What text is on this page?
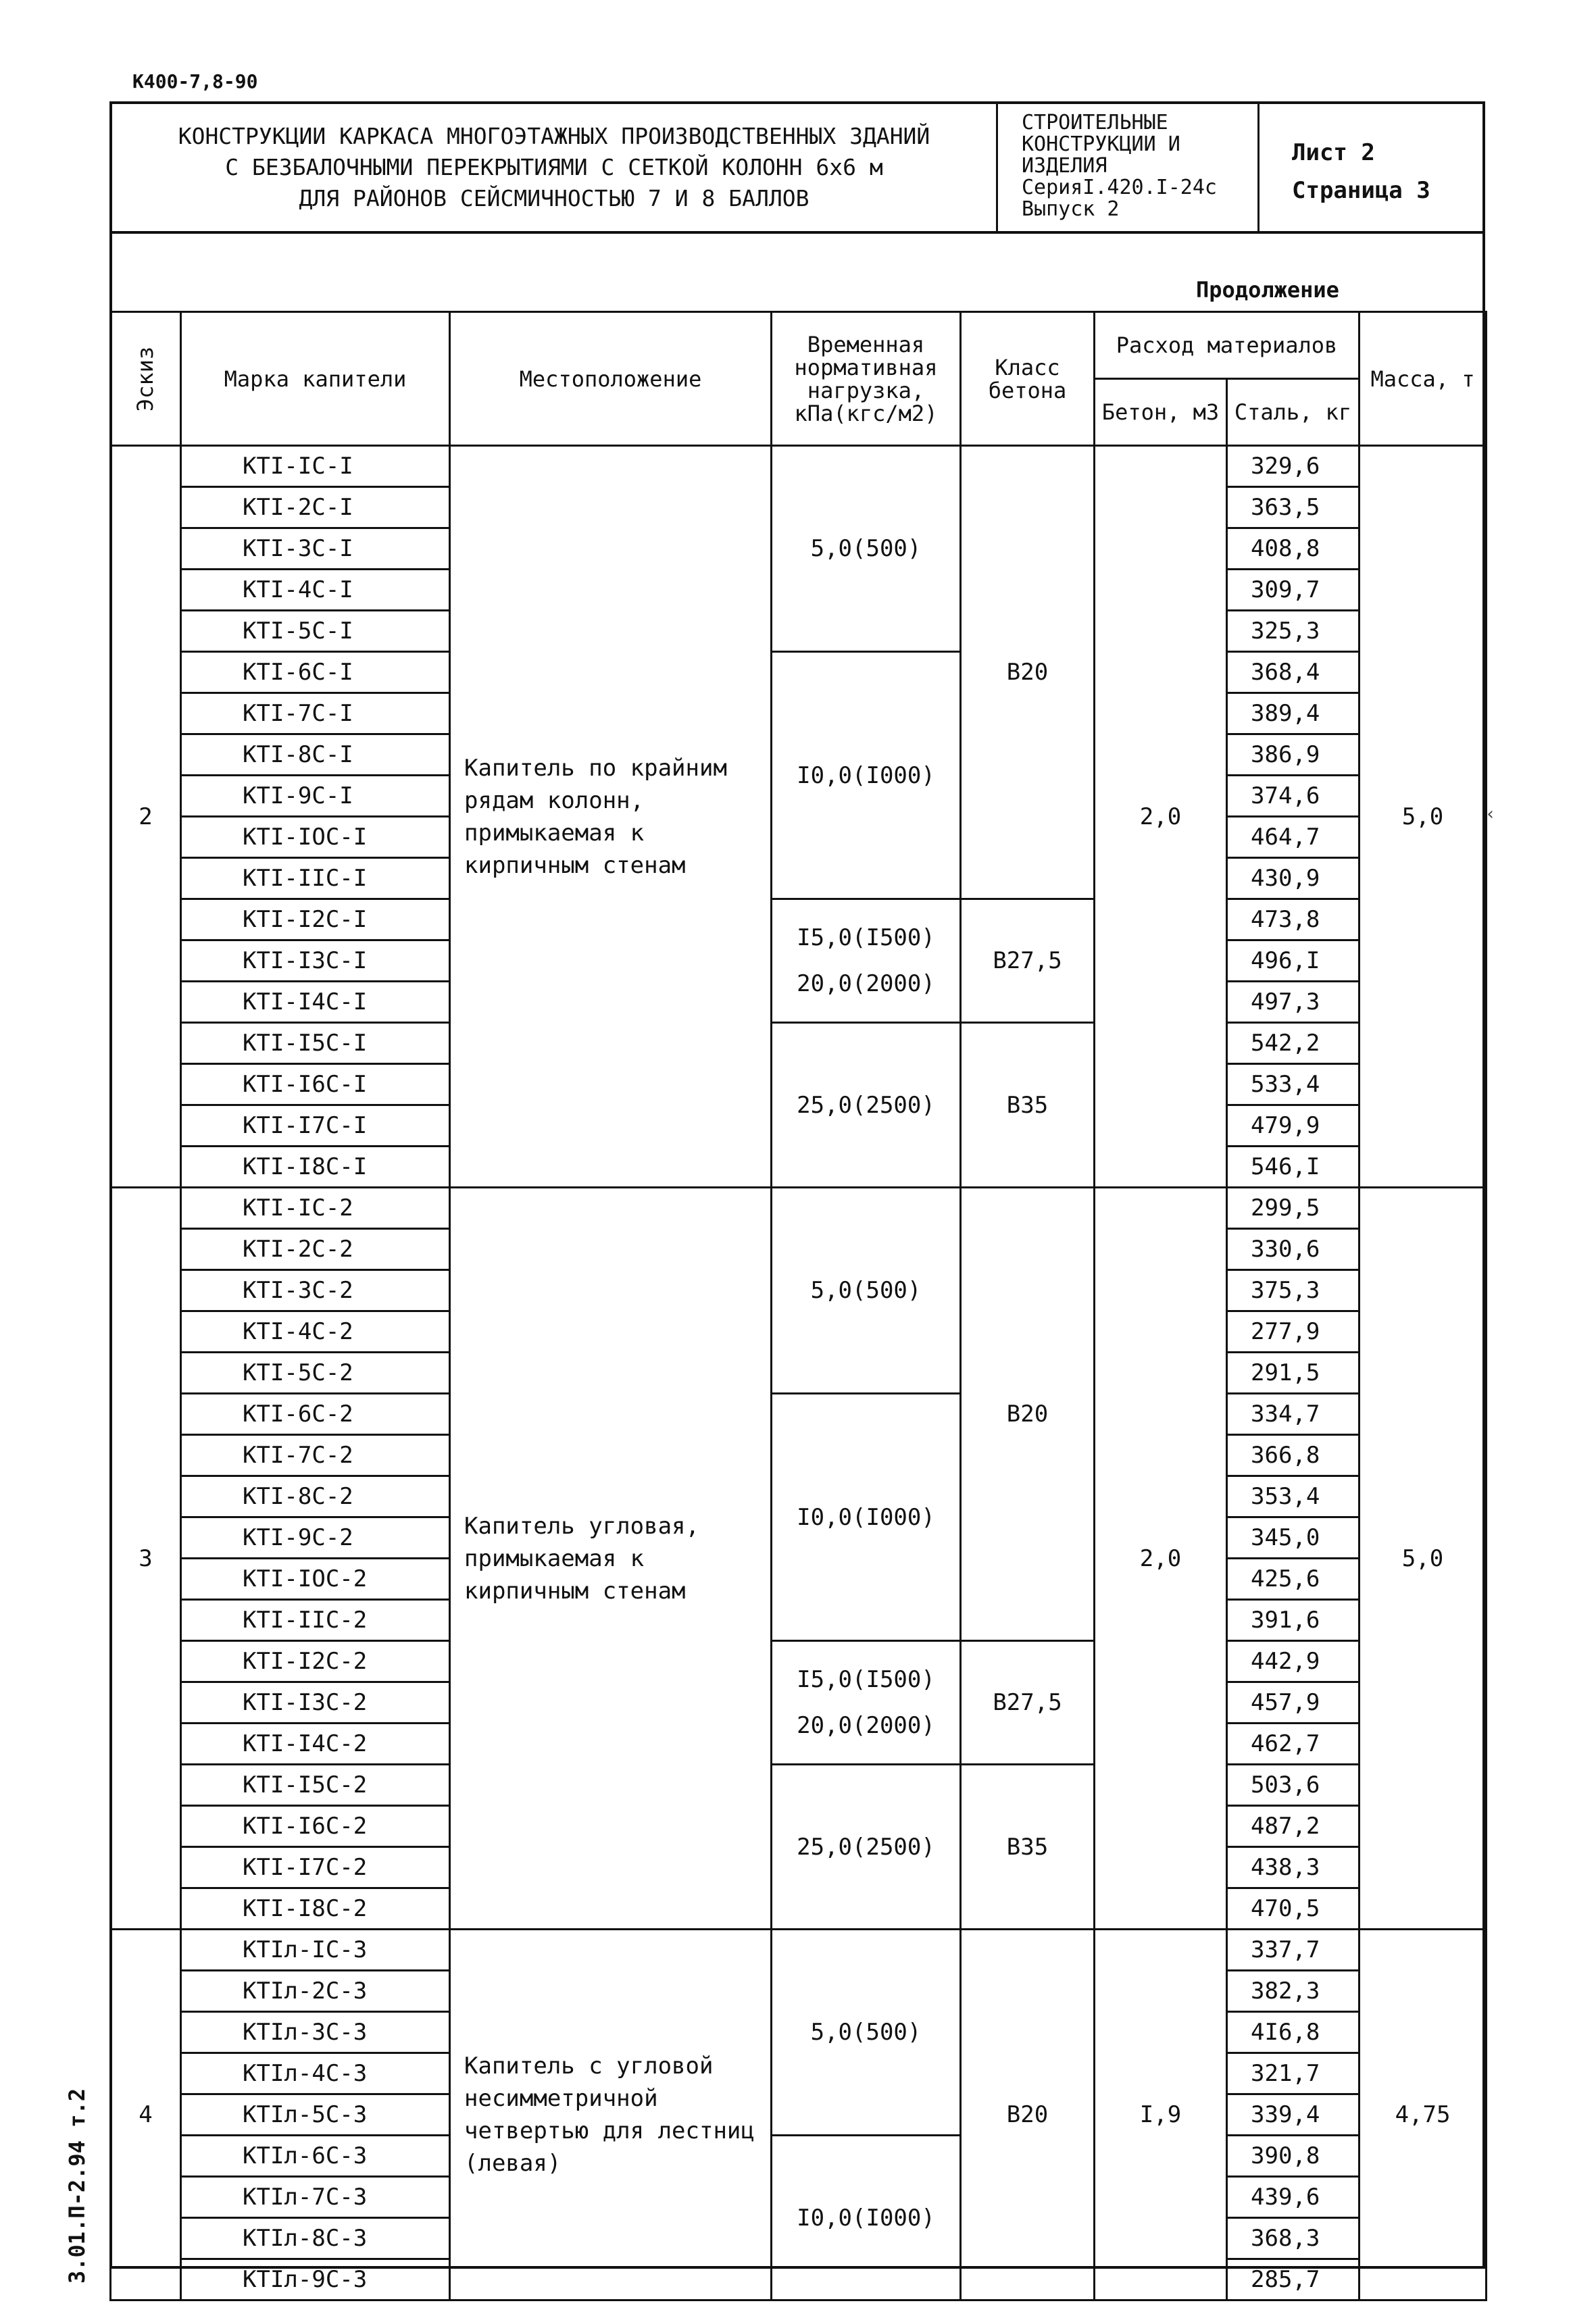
К400-7,8-90
КОНСТРУКЦИИ КАРКАСА МНОГОЭТАЖНЫХ ПРОИЗВОДСТВЕННЫХ ЗДАНИЙ
С БЕЗБАЛОЧНЫМИ ПЕРЕКРЫТИЯМИ С СЕТКОЙ КОЛОНН 6х6 м
ДЛЯ РАЙОНОВ СЕЙСМИЧНОСТЬЮ 7 И 8 БАЛЛОВ
СТРОИТЕЛЬНЫЕ
КОНСТРУКЦИИ И
ИЗДЕЛИЯ
СерияI.420.I-24с
Выпуск 2
Лист 2
Страница 3
Продолжение
Эскиз	Марка капители	Местоположение	Временная нормативная нагрузка, кПа(кгс/м2)	Класс бетона	Расход материалов		Масса, т
					Бетон, м3	Сталь, кг	
2	КТI-IС-I	Капитель по крайним рядам колонн, примыкаемая к кирпичным стенам	5,0(500)	В20	2,0	329,6	5,0
	КТI-2С-I					363,5	
	КТI-3С-I					408,8	
	КТI-4С-I					309,7	
	КТI-5С-I					325,3	
	КТI-6С-I		I0,0(I000)			368,4	
	КТI-7С-I					389,4	
	КТI-8С-I					386,9	
	КТI-9С-I					374,6	
	КТI-IОС-I					464,7	
	КТI-IIС-I					430,9	
	КТI-I2С-I		I5,0(I500)
20,0(2000)	В27,5		473,8	
	КТI-I3С-I					496,I	
	КТI-I4С-I					497,3	
	КТI-I5С-I		25,0(2500)	В35		542,2	
	КТI-I6С-I					533,4	
	КТI-I7С-I					479,9	
	КТI-I8С-I					546,I	
3	КТI-IС-2	Капитель угловая, примыкаемая к кирпичным стенам	5,0(500)	В20	2,0	299,5	5,0
	КТI-2С-2					330,6	
	КТI-3С-2					375,3	
	КТI-4С-2					277,9	
	КТI-5С-2					291,5	
	КТI-6С-2		I0,0(I000)			334,7	
	КТI-7С-2					366,8	
	КТI-8С-2					353,4	
	КТI-9С-2					345,0	
	КТI-IОС-2					425,6	
	КТI-IIС-2					391,6	
	КТI-I2С-2		I5,0(I500)
20,0(2000)	В27,5		442,9	
	КТI-I3С-2					457,9	
	КТI-I4С-2					462,7	
	КТI-I5С-2		25,0(2500)	В35		503,6	
	КТI-I6С-2					487,2	
	КТI-I7С-2					438,3	
	КТI-I8С-2					470,5	
4	КТIл-IС-3	Капитель с угловой несимметричной четвертью для лестниц (левая)	5,0(500)	В20	I,9	337,7	4,75
	КТIл-2С-3					382,3	
	КТIл-3С-3					4I6,8	
	КТIл-4С-3					321,7	
	КТIл-5С-3					339,4	
	КТIл-6С-3		I0,0(I000)			390,8	
	КТIл-7С-3					439,6	
	КТIл-8С-3					368,3	
	КТIл-9С-3					285,7	
3.01.П-2.94 т.2
‹
